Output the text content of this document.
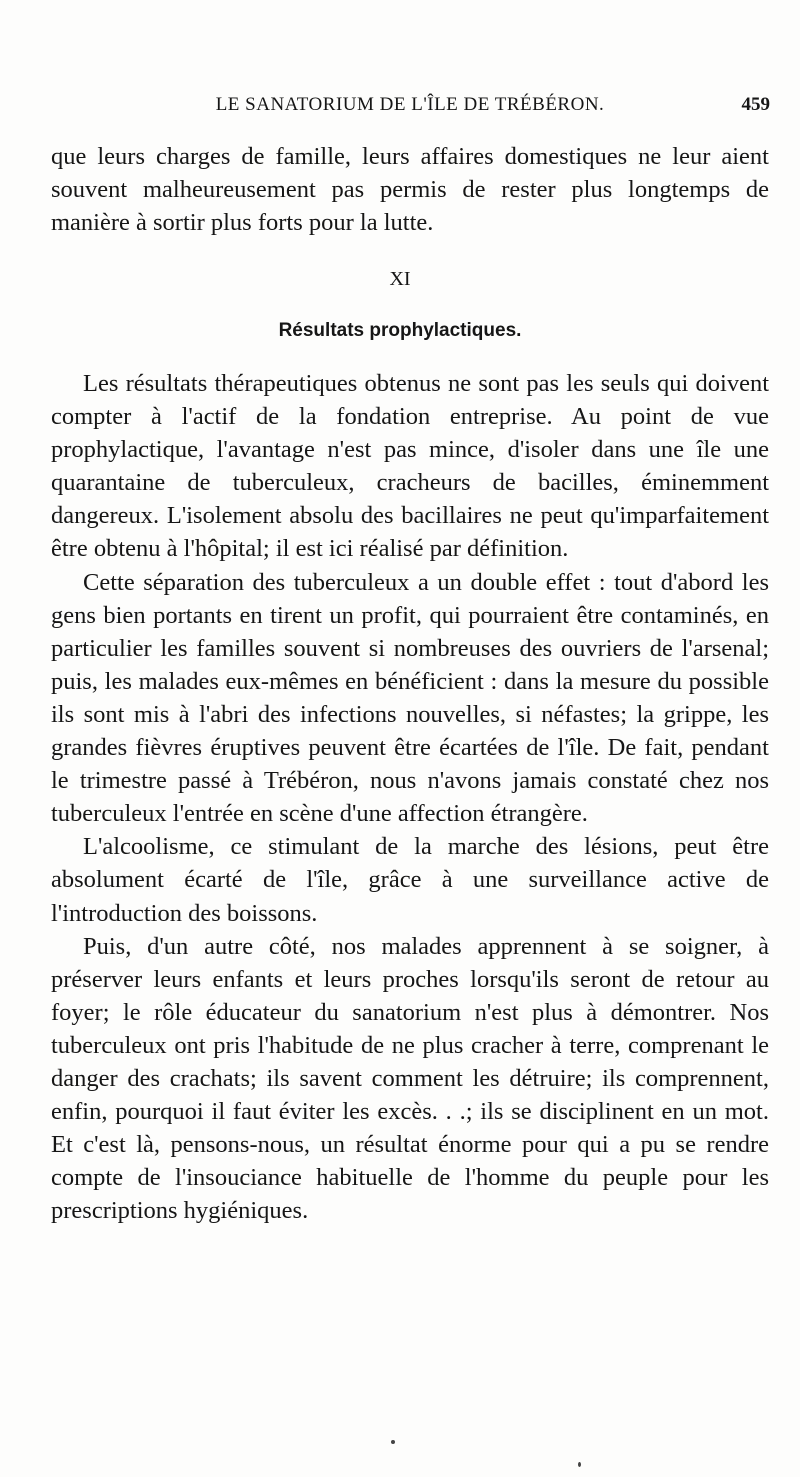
LE SANATORIUM DE L'ÎLE DE TRÉBÉRON.	459

que leurs charges de famille, leurs affaires domestiques ne leur aient souvent malheureusement pas permis de rester plus longtemps de manière à sortir plus forts pour la lutte.

XI
Résultats prophylactiques.

Les résultats thérapeutiques obtenus ne sont pas les seuls qui doivent compter à l'actif de la fondation entreprise. Au point de vue prophylactique, l'avantage n'est pas mince, d'isoler dans une île une quarantaine de tuberculeux, cracheurs de bacilles, éminemment dangereux. L'isolement absolu des bacillaires ne peut qu'imparfaitement être obtenu à l'hôpital; il est ici réalisé par définition.

Cette séparation des tuberculeux a un double effet : tout d'abord les gens bien portants en tirent un profit, qui pourraient être contaminés, en particulier les familles souvent si nombreuses des ouvriers de l'arsenal; puis, les malades eux-mêmes en bénéficient : dans la mesure du possible ils sont mis à l'abri des infections nouvelles, si néfastes; la grippe, les grandes fièvres éruptives peuvent être écartées de l'île. De fait, pendant le trimestre passé à Trébéron, nous n'avons jamais constaté chez nos tuberculeux l'entrée en scène d'une affection étrangère.

L'alcoolisme, ce stimulant de la marche des lésions, peut être absolument écarté de l'île, grâce à une surveillance active de l'introduction des boissons.

Puis, d'un autre côté, nos malades apprennent à se soigner, à préserver leurs enfants et leurs proches lorsqu'ils seront de retour au foyer; le rôle éducateur du sanatorium n'est plus à démontrer. Nos tuberculeux ont pris l'habitude de ne plus cracher à terre, comprenant le danger des crachats; ils savent comment les détruire; ils comprennent, enfin, pourquoi il faut éviter les excès. . .; ils se disciplinent en un mot. Et c'est là, pensons-nous, un résultat énorme pour qui a pu se rendre compte de l'insouciance habituelle de l'homme du peuple pour les prescriptions hygiéniques.
